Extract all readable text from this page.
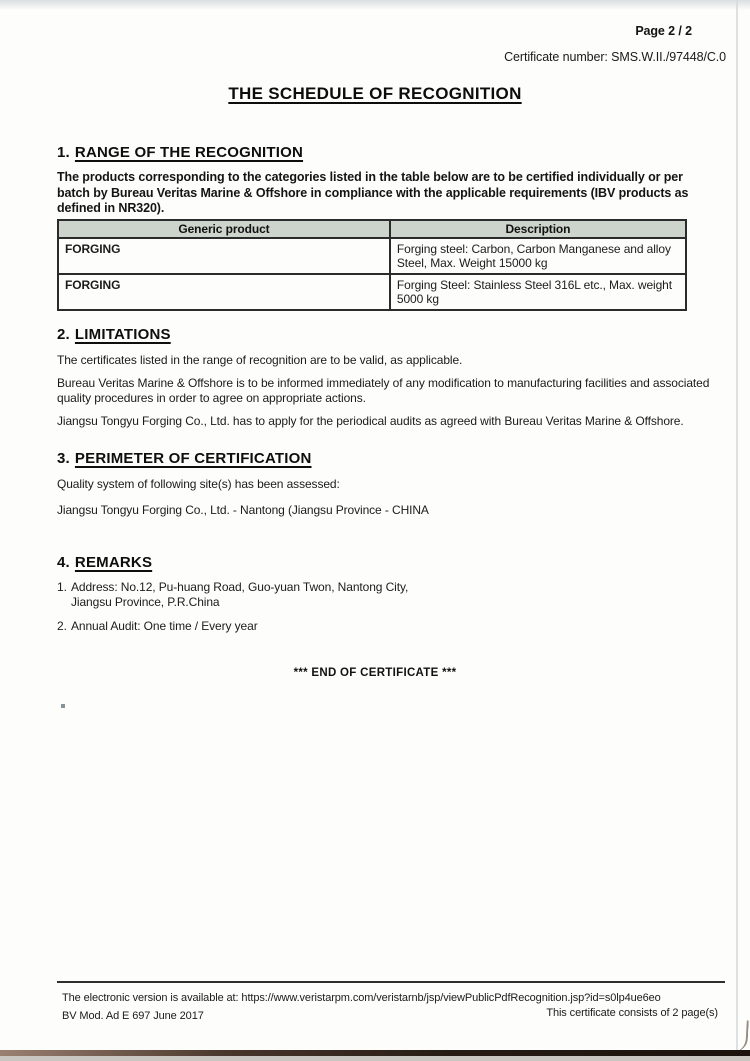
Page 2 / 2
Certificate number: SMS.W.II./97448/C.0
THE SCHEDULE OF RECOGNITION
1. RANGE OF THE RECOGNITION

The products corresponding to the categories listed in the table below are to be certified individually or per batch by Bureau Veritas Marine & Offshore in compliance with the applicable requirements (IBV products as defined in NR320).

Generic product	Description
FORGING	Forging steel: Carbon, Carbon Manganese and alloy Steel, Max. Weight 15000 kg
FORGING	Forging Steel: Stainless Steel 316L etc., Max. weight 5000 kg
2. LIMITATIONS

The certificates listed in the range of recognition are to be valid, as applicable.

Bureau Veritas Marine & Offshore is to be informed immediately of any modification to manufacturing facilities and associated quality procedures in order to agree on appropriate actions.

Jiangsu Tongyu Forging Co., Ltd. has to apply for the periodical audits as agreed with Bureau Veritas Marine & Offshore.

3. PERIMETER OF CERTIFICATION

Quality system of following site(s) has been assessed:

Jiangsu Tongyu Forging Co., Ltd. - Nantong (Jiangsu Province - CHINA

4. REMARKS
1. Address: No.12, Pu-huang Road, Guo-yuan Twon, Nantong City,
Jiangsu Province, P.R.China
2. Annual Audit: One time / Every year
*** END OF CERTIFICATE ***
The electronic version is available at: https://www.veristarpm.com/veristarnb/jsp/viewPublicPdfRecognition.jsp?id=s0lp4ue6eo
BV Mod. Ad E 697 June 2017	This certificate consists of 2 page(s)
